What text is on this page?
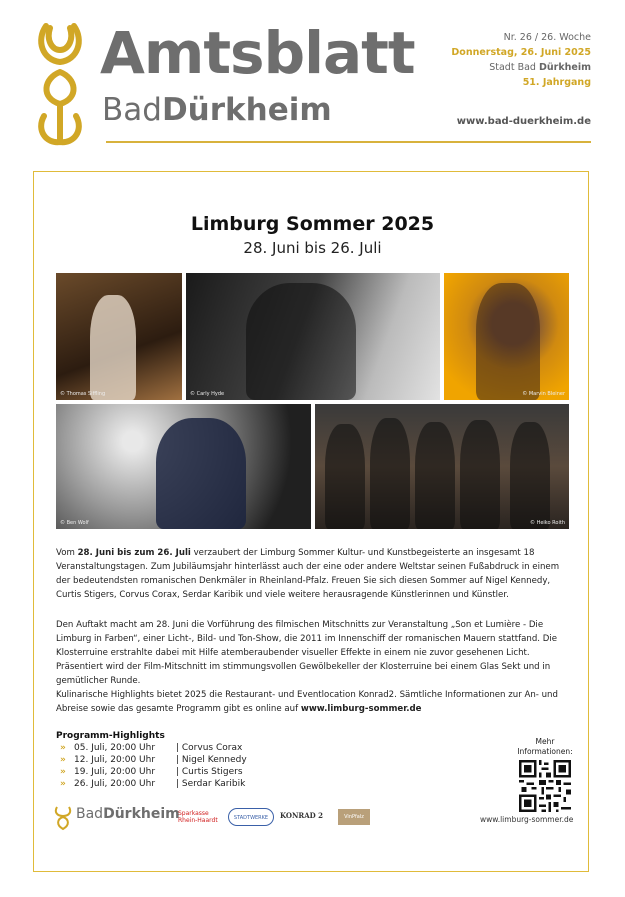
Amtsblatt
BadDürkheim
Nr. 26 / 26. Woche
Donnerstag, 26. Juni 2025
Stadt Bad Dürkheim
51. Jahrgang
www.bad-duerkheim.de
Limburg Sommer 2025
28. Juni bis 26. Juli
© Thomas Siffling	© Carly Hyde	© Marvin Bleiner
© Ben Wolf	© Heiko Roith
Vom 28. Juni bis zum 26. Juli verzaubert der Limburg Sommer Kultur- und Kunstbegeisterte an insgesamt 18 Veranstaltungstagen. Zum Jubiläumsjahr hinterlässt auch der eine oder andere Weltstar seinen Fußabdruck in einem der bedeutendsten romanischen Denkmäler in Rheinland-Pfalz. Freuen Sie sich diesen Sommer auf Nigel Kennedy, Curtis Stigers, Corvus Corax, Serdar Karibik und viele weitere herausragende Künstlerinnen und Künstler.
Den Auftakt macht am 28. Juni die Vorführung des filmischen Mitschnitts zur Veranstaltung „Son et Lumière - Die Limburg in Farben“, einer Licht-, Bild- und Ton-Show, die 2011 im Innenschiff der romanischen Mauern stattfand. Die Klosterruine erstrahlte dabei mit Hilfe atemberaubender visueller Effekte in einem nie zuvor gesehenen Licht. Präsentiert wird der Film-Mitschnitt im stimmungsvollen Gewölbekeller der Klosterruine bei einem Glas Sekt und in gemütlicher Runde.
Kulinarische Highlights bietet 2025 die Restaurant- und Eventlocation Konrad2. Sämtliche Informationen zur An- und Abreise sowie das gesamte Programm gibt es online auf www.limburg-sommer.de
Programm-Highlights
» 05. Juli, 20:00 Uhr	| Corvus Corax
» 12. Juli, 20:00 Uhr	| Nigel Kennedy
» 19. Juli, 20:00 Uhr	| Curtis Stigers
» 26. Juli, 20:00 Uhr	| Serdar Karibik
Mehr
Informationen:
www.limburg-sommer.de
BadDürkheim
Sparkasse
Rhein-Haardt	STADTWERKE	KONRAD 2	VinPfalz
